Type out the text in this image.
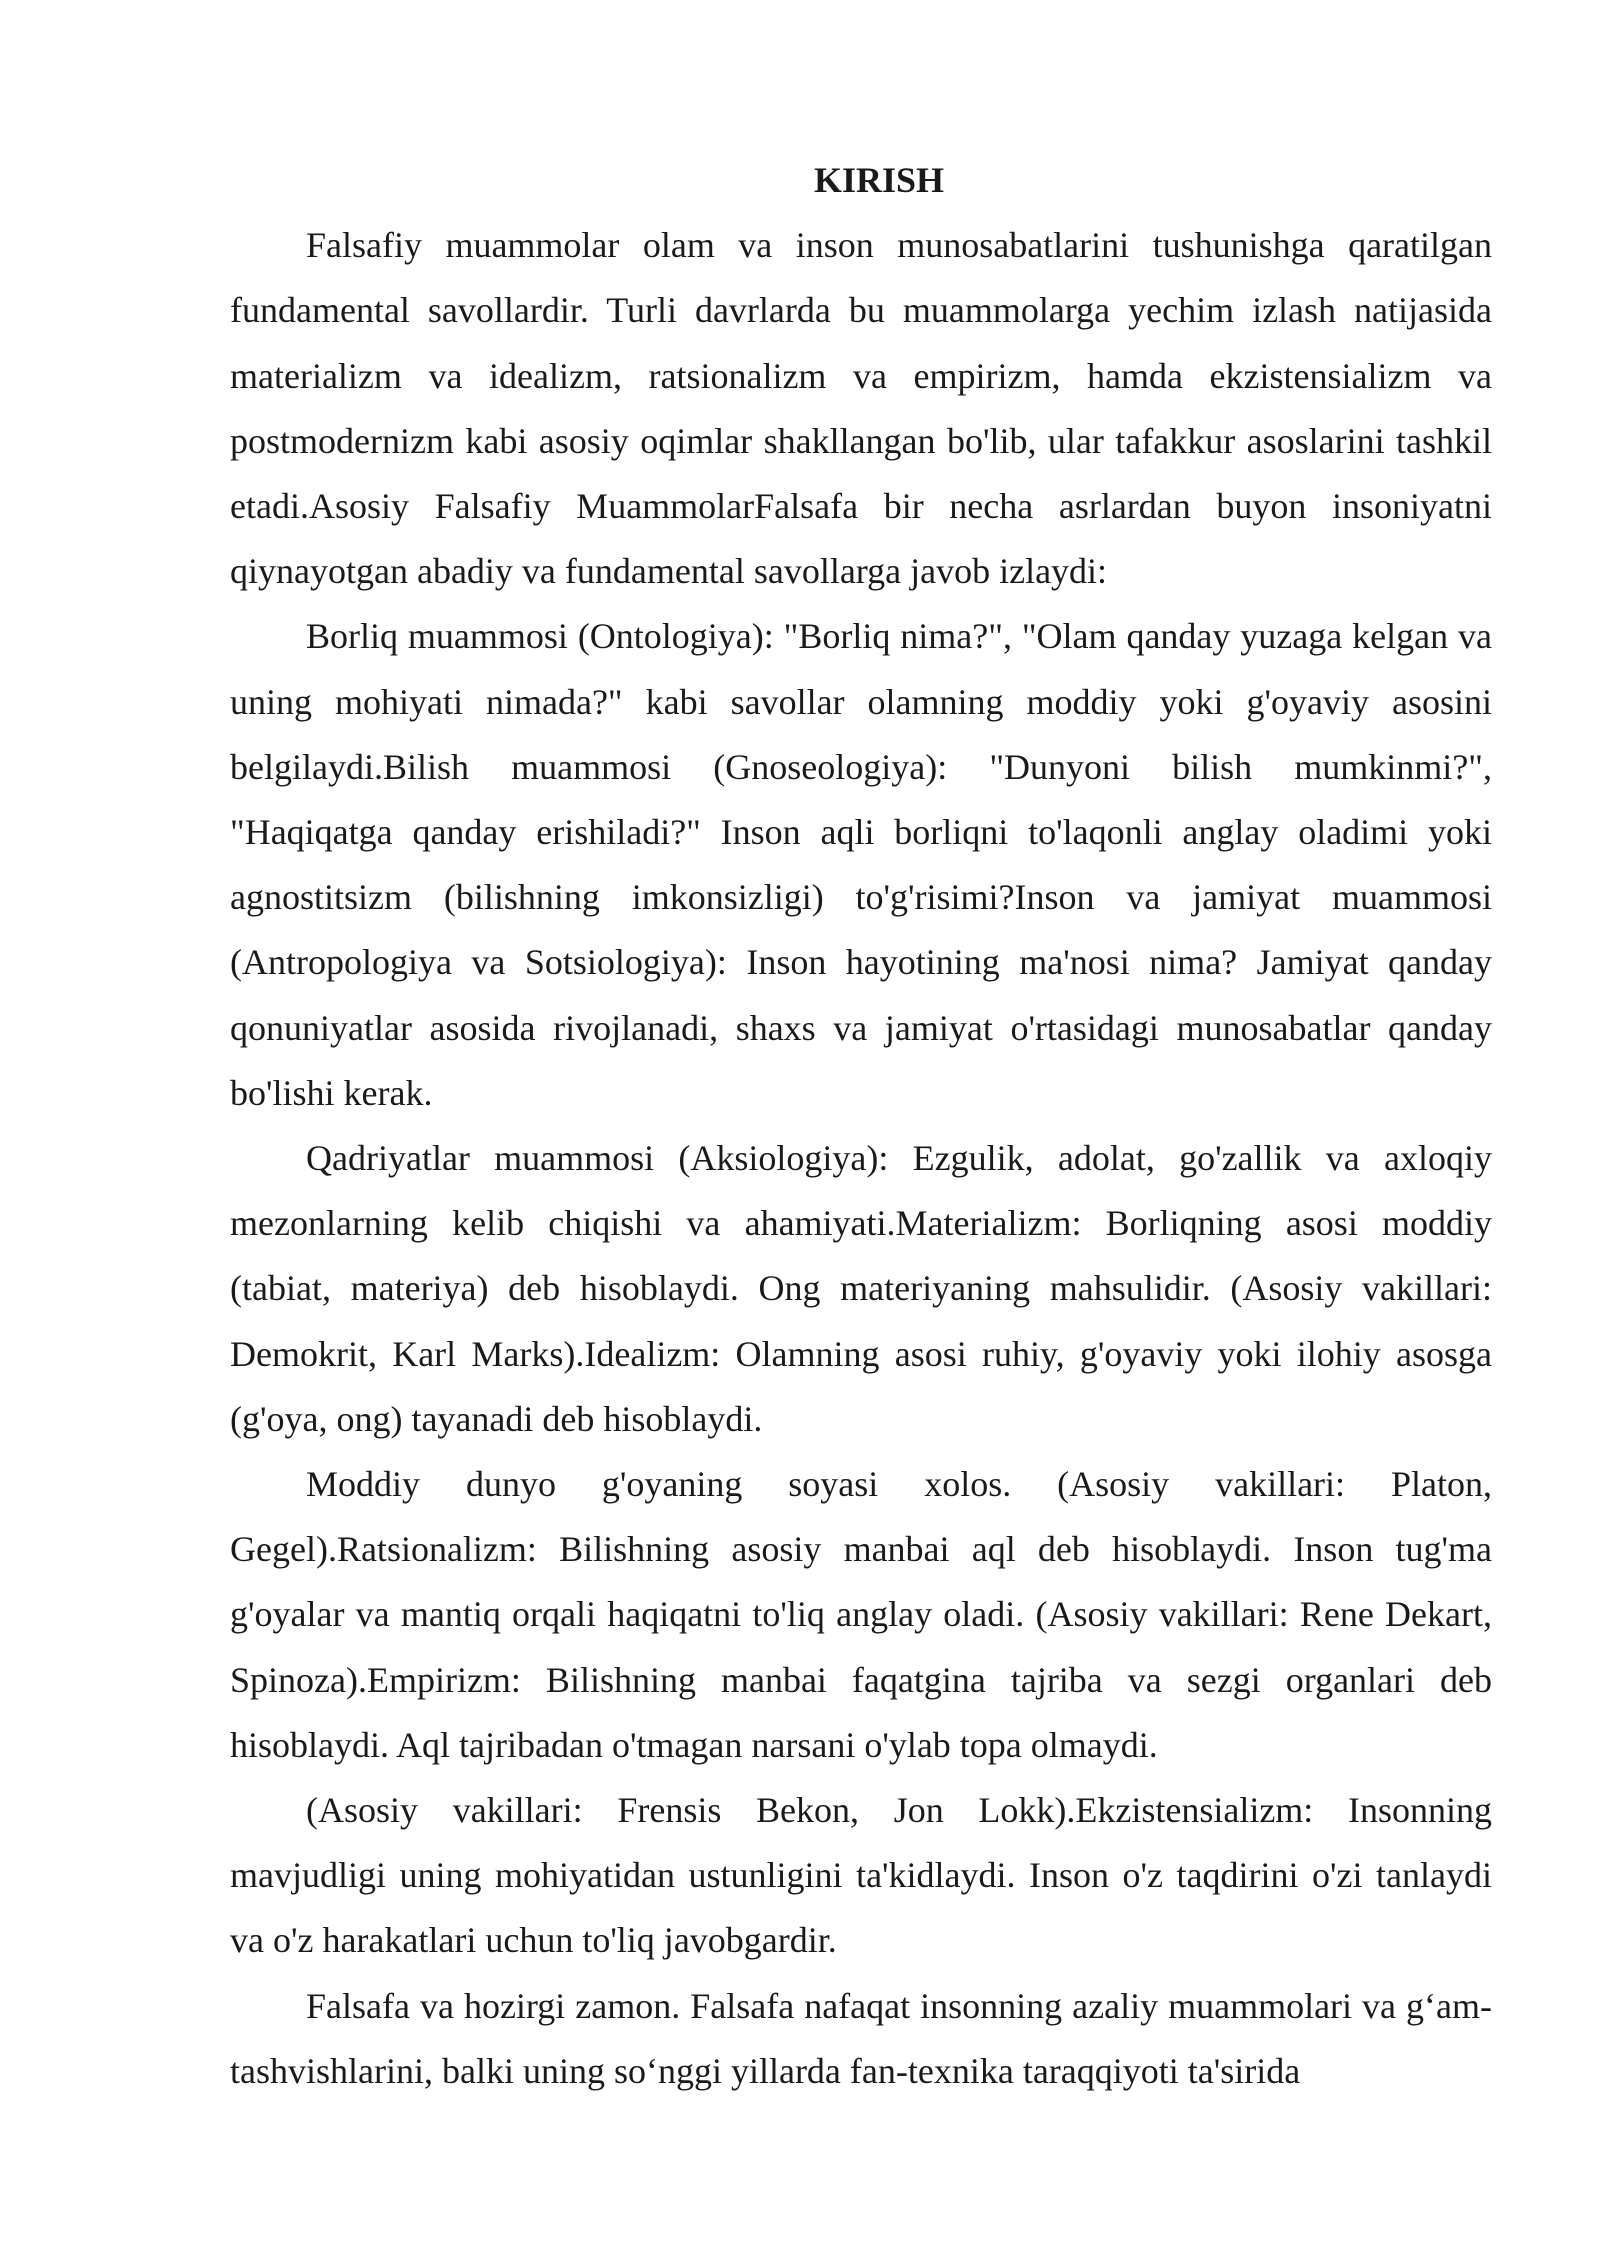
KIRISH

Falsafiy muammolar olam va inson munosabatlarini tushunishga qaratilgan fundamental savollardir. Turli davrlarda bu muammolarga yechim izlash natijasida materializm va idealizm, ratsionalizm va empirizm, hamda ekzistensializm va postmodernizm kabi asosiy oqimlar shakllangan bo'lib, ular tafakkur asoslarini tashkil etadi.Asosiy Falsafiy MuammolarFalsafa bir necha asrlardan buyon insoniyatni qiynayotgan abadiy va fundamental savollarga javob izlaydi:

Borliq muammosi (Ontologiya): "Borliq nima?", "Olam qanday yuzaga kelgan va uning mohiyati nimada?" kabi savollar olamning moddiy yoki g'oyaviy asosini belgilaydi.Bilish muammosi (Gnoseologiya): "Dunyoni bilish mumkinmi?", "Haqiqatga qanday erishiladi?" Inson aqli borliqni to'laqonli anglay oladimi yoki agnostitsizm (bilishning imkonsizligi) to'g'risimi?Inson va jamiyat muammosi (Antropologiya va Sotsiologiya): Inson hayotining ma'nosi nima? Jamiyat qanday qonuniyatlar asosida rivojlanadi, shaxs va jamiyat o'rtasidagi munosabatlar qanday bo'lishi kerak.

Qadriyatlar muammosi (Aksiologiya): Ezgulik, adolat, go'zallik va axloqiy mezonlarning kelib chiqishi va ahamiyati.Materializm: Borliqning asosi moddiy (tabiat, materiya) deb hisoblaydi. Ong materiyaning mahsulidir. (Asosiy vakillari: Demokrit, Karl Marks).Idealizm: Olamning asosi ruhiy, g'oyaviy yoki ilohiy asosga (g'oya, ong) tayanadi deb hisoblaydi.

Moddiy dunyo g'oyaning soyasi xolos. (Asosiy vakillari: Platon, Gegel).Ratsionalizm: Bilishning asosiy manbai aql deb hisoblaydi. Inson tug'ma g'oyalar va mantiq orqali haqiqatni to'liq anglay oladi. (Asosiy vakillari: Rene Dekart, Spinoza).Empirizm: Bilishning manbai faqatgina tajriba va sezgi organlari deb hisoblaydi. Aql tajribadan o'tmagan narsani o'ylab topa olmaydi.

(Asosiy vakillari: Frensis Bekon, Jon Lokk).Ekzistensializm: Insonning mavjudligi uning mohiyatidan ustunligini ta'kidlaydi. Inson o'z taqdirini o'zi tanlaydi va o'z harakatlari uchun to'liq javobgardir.

Falsafa va hozirgi zamon. Falsafa nafaqat insonning azaliy muammolari va g‘am-tashvishlarini, balki uning so‘nggi yillarda fan-texnika taraqqiyoti ta'sirida
